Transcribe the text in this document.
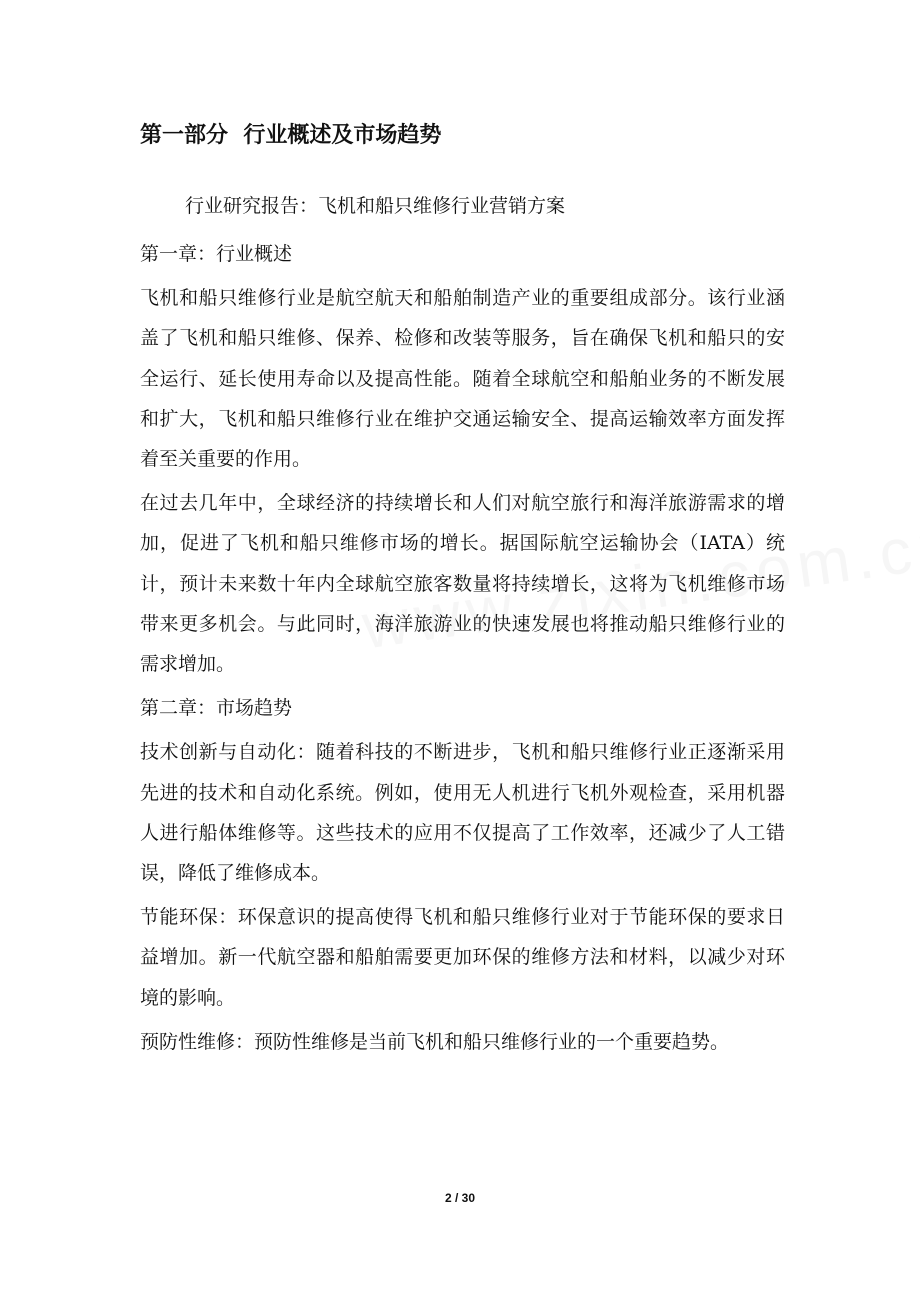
第一部分  行业概述及市场趋势
行业研究报告：飞机和船只维修行业营销方案
第一章：行业概述

飞机和船只维修行业是航空航天和船舶制造产业的重要组成部分。该行业涵盖了飞机和船只维修、保养、检修和改装等服务，旨在确保飞机和船只的安全运行、延长使用寿命以及提高性能。随着全球航空和船舶业务的不断发展和扩大，飞机和船只维修行业在维护交通运输安全、提高运输效率方面发挥着至关重要的作用。

在过去几年中，全球经济的持续增长和人们对航空旅行和海洋旅游需求的增加，促进了飞机和船只维修市场的增长。据国际航空运输协会（IATA）统计，预计未来数十年内全球航空旅客数量将持续增长，这将为飞机维修市场带来更多机会。与此同时，海洋旅游业的快速发展也将推动船只维修行业的需求增加。

第二章：市场趋势

技术创新与自动化：随着科技的不断进步，飞机和船只维修行业正逐渐采用先进的技术和自动化系统。例如，使用无人机进行飞机外观检查，采用机器人进行船体维修等。这些技术的应用不仅提高了工作效率，还减少了人工错误，降低了维修成本。

节能环保：环保意识的提高使得飞机和船只维修行业对于节能环保的要求日益增加。新一代航空器和船舶需要更加环保的维修方法和材料，以减少对环境的影响。

预防性维修：预防性维修是当前飞机和船只维修行业的一个重要趋势。

2 / 30
